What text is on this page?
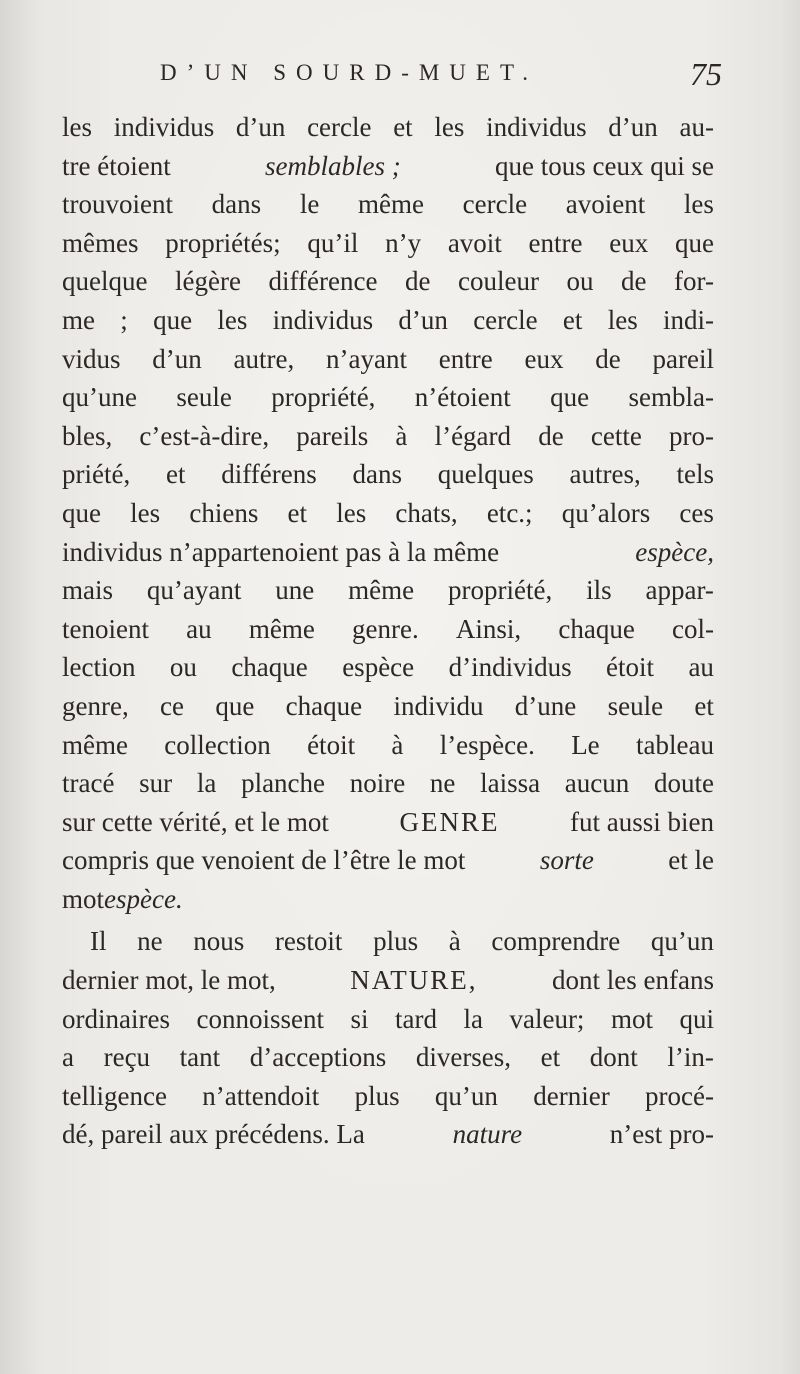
D’UN SOURD-MUET.	75
les individus d’un cercle et les individus d’un au-
tre étoient	semblables ;	que tous ceux qui se
trouvoient dans le même cercle avoient les
mêmes propriétés; qu’il n’y avoit entre eux que
quelque légère différence de couleur ou de for-
me ; que les individus d’un cercle et les indi-
vidus d’un autre, n’ayant entre eux de pareil
qu’une seule propriété, n’étoient que sembla-
bles, c’est-à-dire, pareils à l’égard de cette pro-
priété, et différens dans quelques autres, tels
que les chiens et les chats, etc.; qu’alors ces
individus n’appartenoient pas à la même	espèce,
mais qu’ayant une même propriété, ils appar-
tenoient au même genre. Ainsi, chaque col-
lection ou chaque espèce d’individus étoit au
genre, ce que chaque individu d’une seule et
même collection étoit à l’espèce. Le tableau
tracé sur la planche noire ne laissa aucun doute
sur cette vérité, et le mot	GENRE	fut aussi bien
compris que venoient de l’être le mot	sorte	et le
mot espèce.
Il ne nous restoit plus à comprendre qu’un
dernier mot, le mot,	NATURE,	dont les enfans
ordinaires connoissent si tard la valeur; mot qui
a reçu tant d’acceptions diverses, et dont l’in-
telligence n’attendoit plus qu’un dernier procé-
dé, pareil aux précédens. La	nature	n’est pro-
